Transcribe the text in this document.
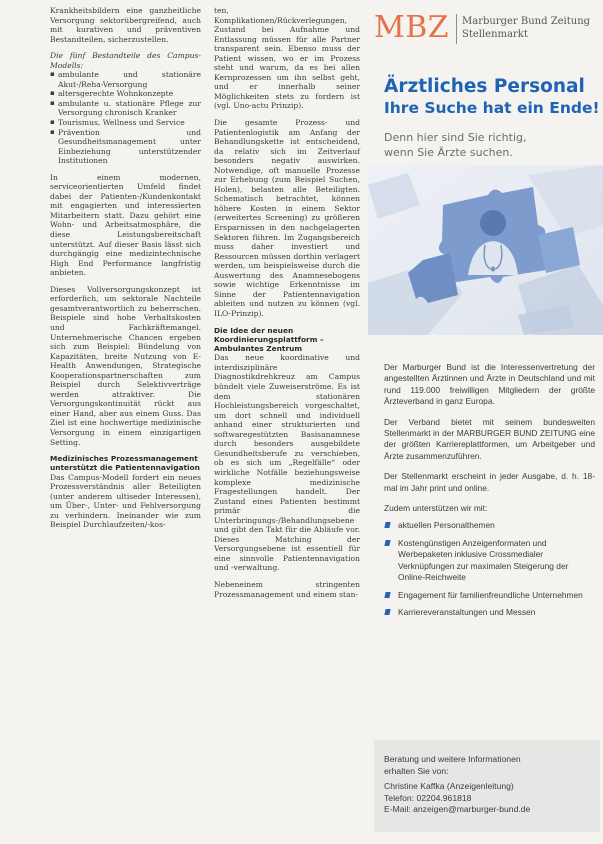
Krankheitsbildern eine ganzheitliche Versorgung sektorübergreifend, auch mit kurativen und präventiven Bestandteilen, sicherzustellen.

Die fünf Bestandteile des Campus-Modells:

▪ ambulante und stationäre Akut-/Reha-Versorgung
▪ altersgerechte Wohnkonzepte
▪ ambulante u. stationäre Pflege zur Versorgung chronisch Kranker
▪ Tourismus, Wellness und Service
▪ Prävention und Gesundheitsmanagement unter Einbeziehung unterstützender Institutionen

In einem modernen, serviceorientierten Umfeld findet dabei der Patienten-/Kundenkontakt mit engagierten und interessierten Mitarbeitern statt. Dazu gehört eine Wohn- und Arbeitsatmosphäre, die diese Leistungsbereitschaft unterstützt. Auf dieser Basis lässt sich durchgängig eine medizintechnische High End Performance langfristig anbieten.

Dieses Vollversorgungskonzept ist erforderlich, um sektorale Nachteile gesamtverantwortlich zu beherrschen. Beispiele sind hohe Verhaltskosten und Fachkräftemangel. Unternehmerische Chancen ergeben sich zum Beispiel: Bündelung von Kapazitäten, breite Nutzung von E-Health Anwendungen, Strategische Kooperationspartnerschaften zum Beispiel durch Selektivverträge werden attraktiver. Die Versorgungskontinuität rückt aus einer Hand, aber aus einem Guss. Das Ziel ist eine hochwertige medizinische Versorgung in einem einzigartigen Setting.

Medizinisches Prozessmanagement unterstützt die Patientennavigation

Das Campus-Modell fordert ein neues Prozessverständnis aller Beteiligten (unter anderem ultiseder Interessen), um Über-, Unter- und Fehlversorgung zu verhindern. Ineinander wie zum Beispiel Durchlaufzeiten/-kos-

ten, Komplikationen/Rückverlegungen, Zustand bei Aufnahme und Entlassung müssen für alle Partner transparent sein. Ebenso muss der Patient wissen, wo er im Prozess steht und warum, da es bei allen Kernprozessen um ihn selbst geht, und er innerhalb seiner Möglichkeiten stets zu fordern ist (vgl. Uno-actu Prinzip).

Die gesamte Prozess- und Patientenlogistik am Anfang der Behandlungskette ist entscheidend, da relativ sich im Zeitverlauf besonders negativ auswirken. Notwendige, oft manuelle Prozesse zur Erhebung (zum Beispiel Suchen, Holen), belasten alle Beteiligten. Schematisch betrachtet, können höhere Kosten in einem Sektor (erweitertes Screening) zu größeren Ersparnissen in den nachgelagerten Sektoren führen. Im Zugangsbereich muss daher investiert und Ressourcen müssen dorthin verlagert werden, um beispielsweise durch die Auswertung des Anamnesebogens sowie wichtige Erkenntnisse im Sinne der Patientennavigation ableiten und nutzen zu können (vgl. ILO-Prinzip).

Die Idee der neuen Koordinierungsplattform – Ambulantes Zentrum

Das neue koordinative und interdisziplinäre Diagnostikdrehkreuz am Campus bündelt viele Zuweiserströme. Es ist dem stationären Hochleistungsbereich vorgeschaltet, um dort schnell und individuell anhand einer strukturierten und softwaregestützten Basisanamnese durch besonders ausgebildete Gesundheitsberufe zu verschieben, ob es sich um „Regelfälle“ oder wirkliche Notfälle beziehungsweise komplexe medizinische Fragestellungen handelt. Der Zustand eines Patienten bestimmt primär die Unterbringungs-/Behandlungsebene und gibt den Takt für die Abläufe vor. Dieses Matching der Versorgungsebene ist essentiell für eine sinnvolle Patientennavigation und -verwaltung.

Nebeneinem stringenten Prozessmanagement und einem stan-

MBZ Marburger Bund Zeitung
Stellenmarkt
Ärztliches Personal
Ihre Suche hat ein Ende!
Denn hier sind Sie richtig,
wenn Sie Ärzte suchen.

Der Marburger Bund ist die Interessenvertretung der angestellten Ärztinnen und Ärzte in Deutschland und mit rund 119.000 freiwilligen Mitgliedern der größte Ärzteverband in ganz Europa.

Der Verband bietet mit seinem bundesweiten Stellenmarkt in der MARBURGER BUND ZEITUNG eine der größten Karriereplattformen, um Arbeitgeber und Ärzte zusammenzuführen.

Der Stellenmarkt erscheint in jeder Ausgabe, d. h. 18-mal im Jahr print und online.

Zudem unterstützen wir mit:

aktuellen Personalthemen
Kostengünstigen Anzeigenformaten und Werbepaketen inklusive Crossmedialer Verknüpfungen zur maximalen Steigerung der Online-Reichweite
Engagement für familienfreundliche Unternehmen
Karriereveranstaltungen und Messen
Beratung und weitere Informationen
erhalten Sie von:
Christine Kaffka (Anzeigenleitung)
Telefon: 02204.961818
E-Mail: anzeigen@marburger-bund.de
